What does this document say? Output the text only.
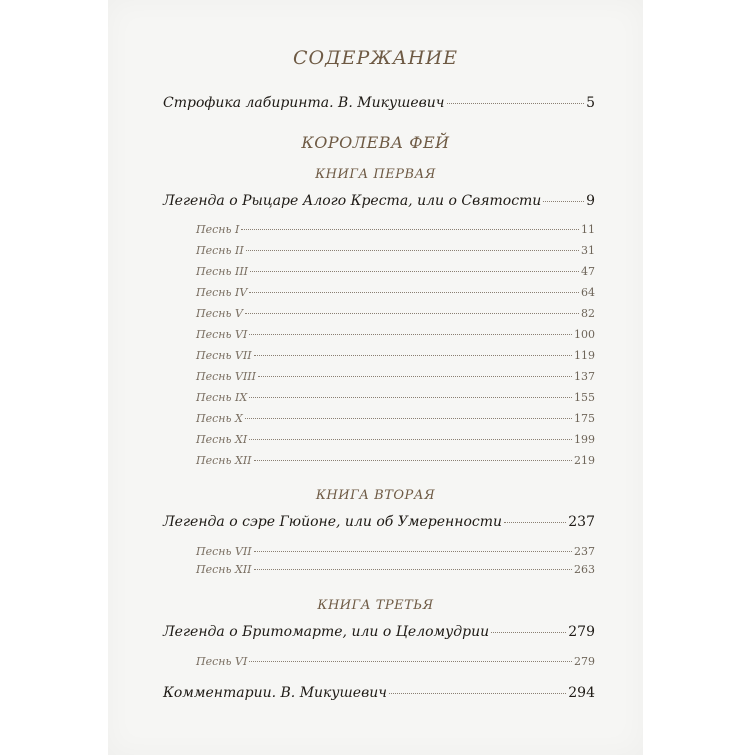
СОДЕРЖАНИЕ
Строфика лабиринта. В. Микушевич	5
КОРОЛЕВА ФЕЙ
КНИГА ПЕРВАЯ
Легенда о Рыцаре Алого Креста, или о Святости	9
Песнь I	11
Песнь II	31
Песнь III	47
Песнь IV	64
Песнь V	82
Песнь VI	100
Песнь VII	119
Песнь VIII	137
Песнь IX	155
Песнь X	175
Песнь XI	199
Песнь XII	219
КНИГА ВТОРАЯ
Легенда о сэре Гюйоне, или об Умеренности	237
Песнь VII	237
Песнь XII	263
КНИГА ТРЕТЬЯ
Легенда о Бритомарте, или о Целомудрии	279
Песнь VI	279
Комментарии. В. Микушевич	294
